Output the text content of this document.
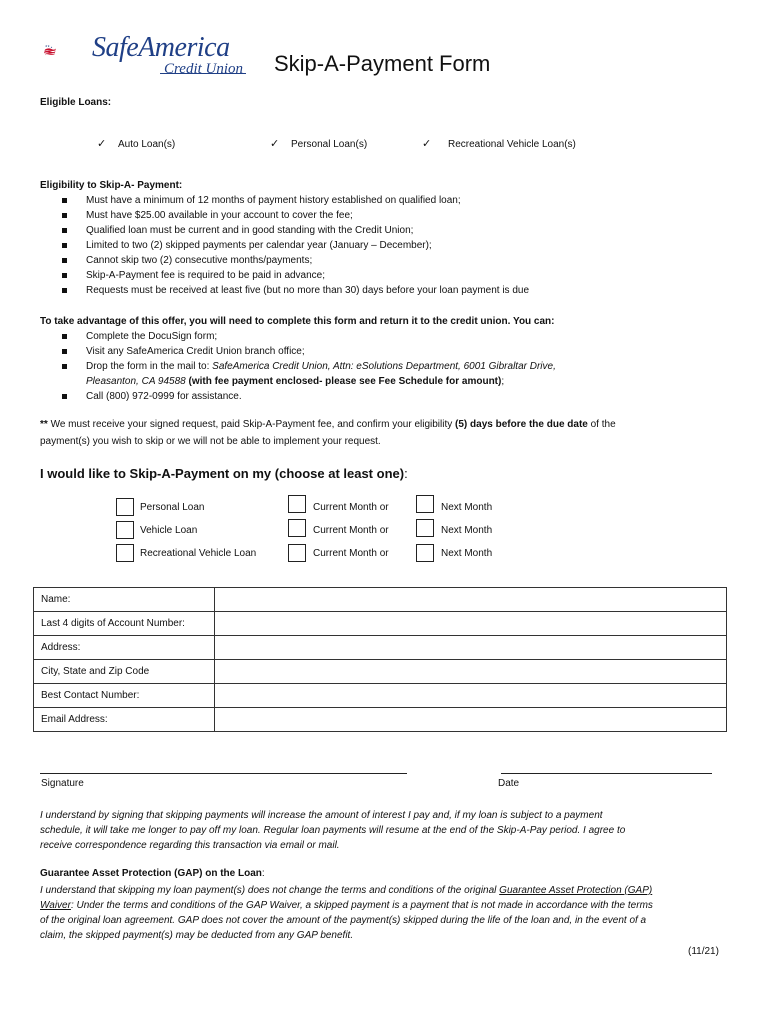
★★ ★ SafeAmerica
Credit Union Skip-A-Payment Form
Eligible Loans:
✓ Auto Loan(s)	✓ Personal Loan(s)	✓ Recreational Vehicle Loan(s)
Eligibility to Skip-A- Payment:
Must have a minimum of 12 months of payment history established on qualified loan;
Must have $25.00 available in your account to cover the fee;
Qualified loan must be current and in good standing with the Credit Union;
Limited to two (2) skipped payments per calendar year (January – December);
Cannot skip two (2) consecutive months/payments;
Skip-A-Payment fee is required to be paid in advance;
Requests must be received at least five (but no more than 30) days before your loan payment is due
To take advantage of this offer, you will need to complete this form and return it to the credit union. You can:
Complete the DocuSign form;
Visit any SafeAmerica Credit Union branch office;
Drop the form in the mail to: SafeAmerica Credit Union, Attn: eSolutions Department, 6001 Gibraltar Drive,
Pleasanton, CA 94588 (with fee payment enclosed- please see Fee Schedule for amount);
Call (800) 972-0999 for assistance.
** We must receive your signed request, paid Skip-A-Payment fee, and confirm your eligibility (5) days before the due date of the
payment(s) you wish to skip or we will not be able to implement your request.
I would like to Skip-A-Payment on my (choose at least one):
Personal Loan	Current Month or	Next Month
Vehicle Loan	Current Month or	Next Month
Recreational Vehicle Loan	Current Month or	Next Month
Name:	
Last 4 digits of Account Number:	
Address:	
City, State and Zip Code	
Best Contact Number:	
Email Address:	
Signature	Date
I understand by signing that skipping payments will increase the amount of interest I pay and, if my loan is subject to a payment
schedule, it will take me longer to pay off my loan. Regular loan payments will resume at the end of the Skip-A-Pay period. I agree to
receive correspondence regarding this transaction via email or mail.
Guarantee Asset Protection (GAP) on the Loan:
I understand that skipping my loan payment(s) does not change the terms and conditions of the original Guarantee Asset Protection (GAP)
Waiver: Under the terms and conditions of the GAP Waiver, a skipped payment is a payment that is not made in accordance with the terms
of the original loan agreement. GAP does not cover the amount of the payment(s) skipped during the life of the loan and, in the event of a
claim, the skipped payment(s) may be deducted from any GAP benefit.
(11/21)
